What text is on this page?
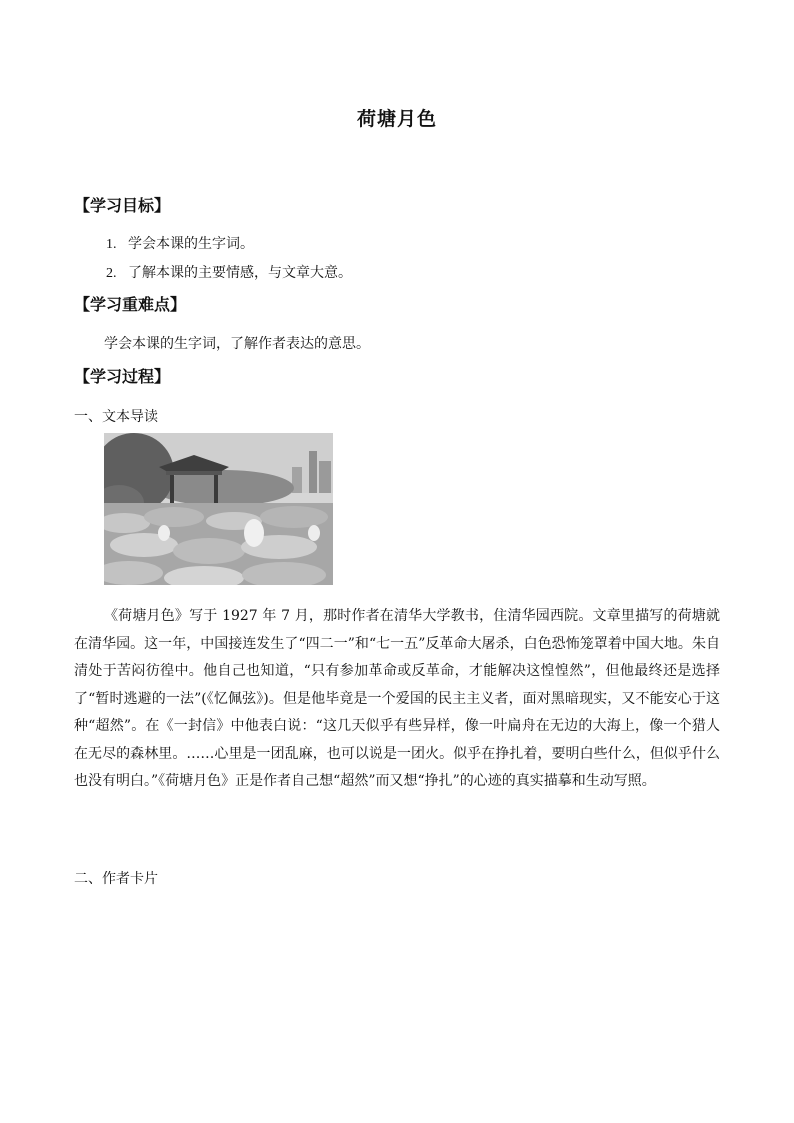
荷塘月色
【学习目标】
1. 学会本课的生字词。
2. 了解本课的主要情感，与文章大意。
【学习重难点】
学会本课的生字词，了解作者表达的意思。
【学习过程】
一、文本导读

《荷塘月色》写于 1927 年 7 月，那时作者在清华大学教书，住清华园西院。文章里描写的荷塘就在清华园。这一年，中国接连发生了“四二一”和“七一五”反革命大屠杀，白色恐怖笼罩着中国大地。朱自清处于苦闷彷徨中。他自己也知道，“只有参加革命或反革命，才能解决这惶惶然”，但他最终还是选择了“暂时逃避的一法”(《忆佩弦》)。但是他毕竟是一个爱国的民主主义者，面对黑暗现实，又不能安心于这种“超然”。在《一封信》中他表白说：“这几天似乎有些异样，像一叶扁舟在无边的大海上，像一个猎人在无尽的森林里。……心里是一团乱麻，也可以说是一团火。似乎在挣扎着，要明白些什么，但似乎什么也没有明白。”《荷塘月色》正是作者自己想“超然”而又想“挣扎”的心迹的真实描摹和生动写照。

二、作者卡片
